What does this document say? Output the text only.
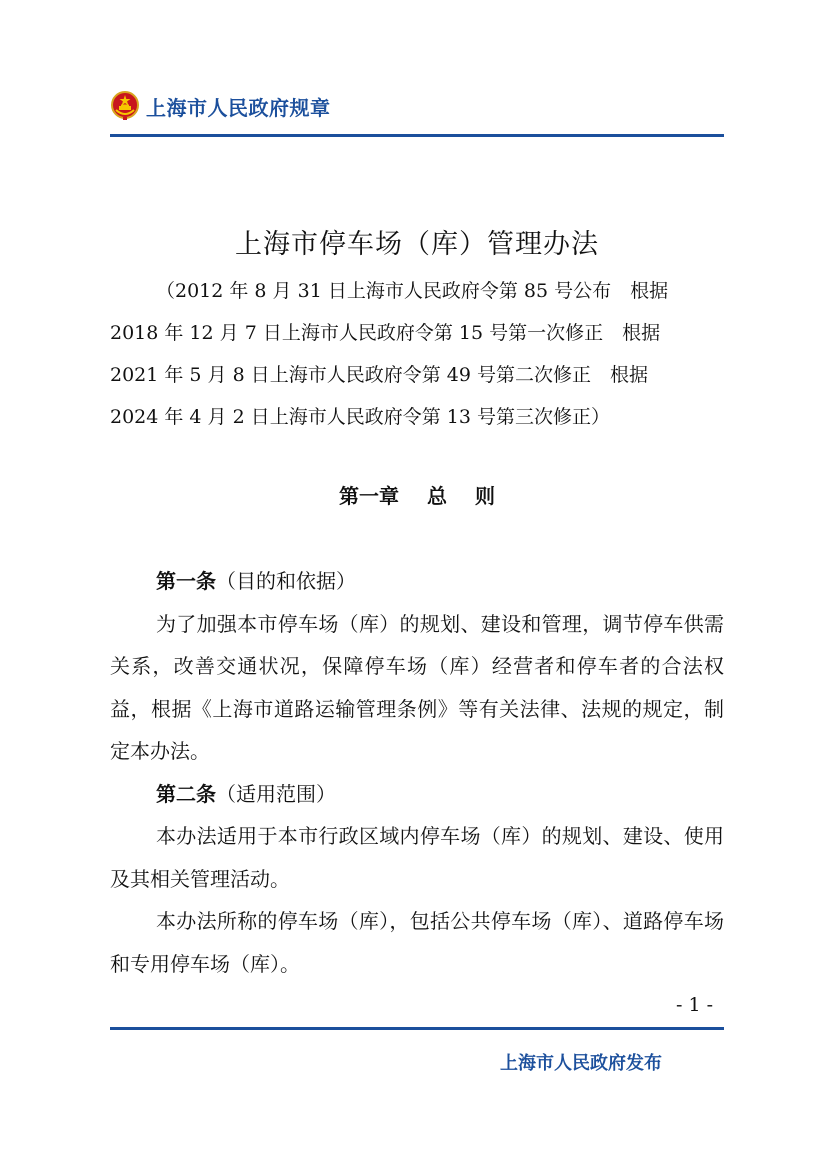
上海市人民政府规章
上海市停车场（库）管理办法
（2012 年 8 月 31 日上海市人民政府令第 85 号公布　根据
2018 年 12 月 7 日上海市人民政府令第 15 号第一次修正　根据
2021 年 5 月 8 日上海市人民政府令第 49 号第二次修正　根据
2024 年 4 月 2 日上海市人民政府令第 13 号第三次修正）
第一章 总 则

第一条（目的和依据）

为了加强本市停车场（库）的规划、建设和管理，调节停车供需关系，改善交通状况，保障停车场（库）经营者和停车者的合法权益，根据《上海市道路运输管理条例》等有关法律、法规的规定，制定本办法。

第二条（适用范围）

本办法适用于本市行政区域内停车场（库）的规划、建设、使用及其相关管理活动。

本办法所称的停车场（库），包括公共停车场（库）、道路停车场和专用停车场（库）。

- 1 -
上海市人民政府发布
